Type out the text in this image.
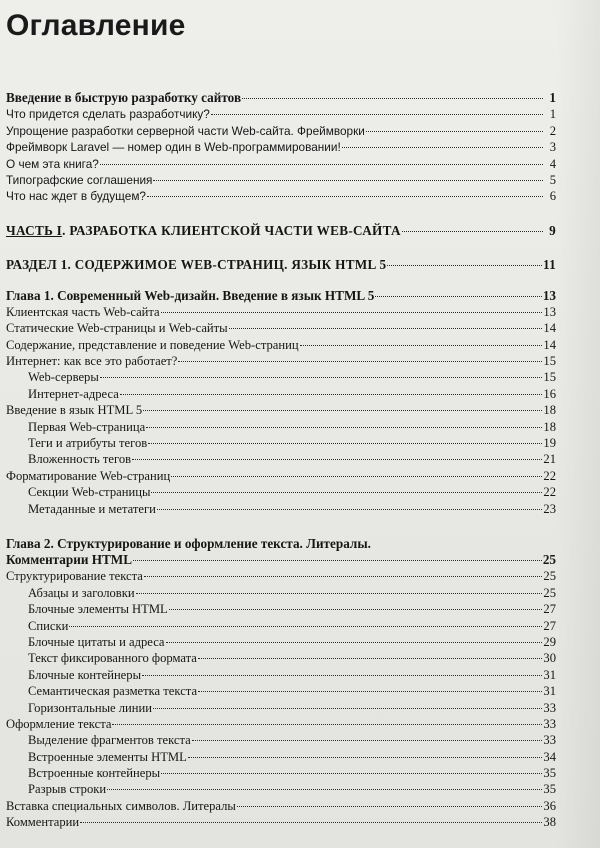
Оглавление
Введение в быструю разработку сайтов	1
Что придется сделать разработчику?	1
Упрощение разработки серверной части Web-сайта. Фреймворки	2
Фреймворк Laravel — номер один в Web-программировании!	3
О чем эта книга?	4
Типографские соглашения	5
Что нас ждет в будущем?	6
ЧАСТЬ I. РАЗРАБОТКА КЛИЕНТСКОЙ ЧАСТИ WEB-САЙТА	9
РАЗДЕЛ 1. СОДЕРЖИМОЕ WEB-СТРАНИЦ. ЯЗЫК HTML 5	11
Глава 1. Современный Web-дизайн. Введение в язык HTML 5	13
Клиентская часть Web-сайта	13
Статические Web-страницы и Web-сайты	14
Содержание, представление и поведение Web-страниц	14
Интернет: как все это работает?	15
Web-серверы	15
Интернет-адреса	16
Введение в язык HTML 5	18
Первая Web-страница	18
Теги и атрибуты тегов	19
Вложенность тегов	21
Форматирование Web-страниц	22
Секции Web-страницы	22
Метаданные и метатеги	23
Глава 2. Структурирование и оформление текста. Литералы.
Комментарии HTML	25
Структурирование текста	25
Абзацы и заголовки	25
Блочные элементы HTML	27
Списки	27
Блочные цитаты и адреса	29
Текст фиксированного формата	30
Блочные контейнеры	31
Семантическая разметка текста	31
Горизонтальные линии	33
Оформление текста	33
Выделение фрагментов текста	33
Встроенные элементы HTML	34
Встроенные контейнеры	35
Разрыв строки	35
Вставка специальных символов. Литералы	36
Комментарии	38
